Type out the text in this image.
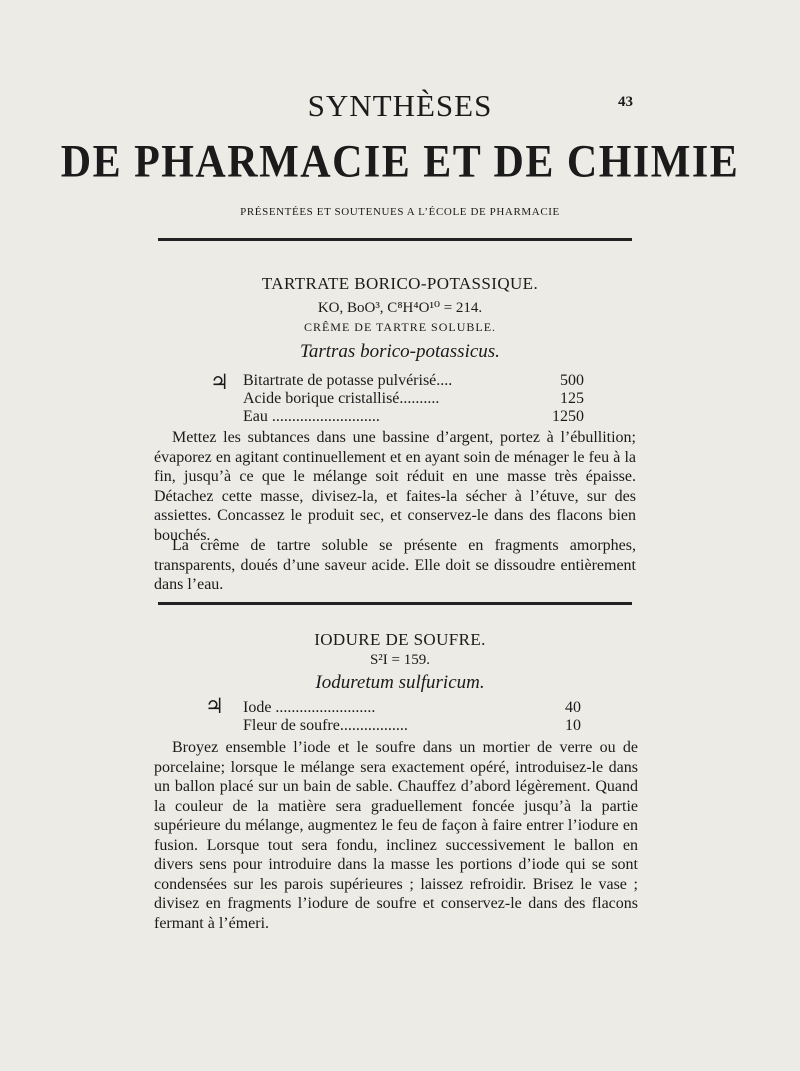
SYNTHÈSES	43
DE PHARMACIE ET DE CHIMIE
PRÉSENTÉES ET SOUTENUES A L’ÉCOLE DE PHARMACIE
TARTRATE BORICO-POTASSIQUE.
KO, BoO³, C⁸H⁴O¹⁰ = 214.
CRÊME DE TARTRE SOLUBLE.
Tartras borico-potassicus.
♃ Bitartrate de potasse pulvérisé....	500
Acide borique cristallisé..........	125
Eau ...........................	1250
Mettez les subtances dans une bassine d’argent, portez à l’ébullition; évaporez en agitant continuellement et en ayant soin de ménager le feu à la fin, jusqu’à ce que le mélange soit réduit en une masse très épaisse. Détachez cette masse, divisez-la, et faites-la sécher à l’étuve, sur des assiettes. Concassez le produit sec, et conservez-le dans des flacons bien bouchés.
La crême de tartre soluble se présente en fragments amorphes, transparents, doués d’une saveur acide. Elle doit se dissoudre entièrement dans l’eau.
IODURE DE SOUFRE.
S²I = 159.
Ioduretum sulfuricum.
♃ Iode .........................	40
Fleur de soufre.................	10
Broyez ensemble l’iode et le soufre dans un mortier de verre ou de porcelaine; lorsque le mélange sera exactement opéré, introduisez-le dans un ballon placé sur un bain de sable. Chauffez d’abord légèrement. Quand la couleur de la matière sera graduellement foncée jusqu’à la partie supérieure du mélange, augmentez le feu de façon à faire entrer l’iodure en fusion. Lorsque tout sera fondu, inclinez successivement le ballon en divers sens pour introduire dans la masse les portions d’iode qui se sont condensées sur les parois supérieures ; laissez refroidir. Brisez le vase ; divisez en fragments l’iodure de soufre et conservez-le dans des flacons fermant à l’émeri.
